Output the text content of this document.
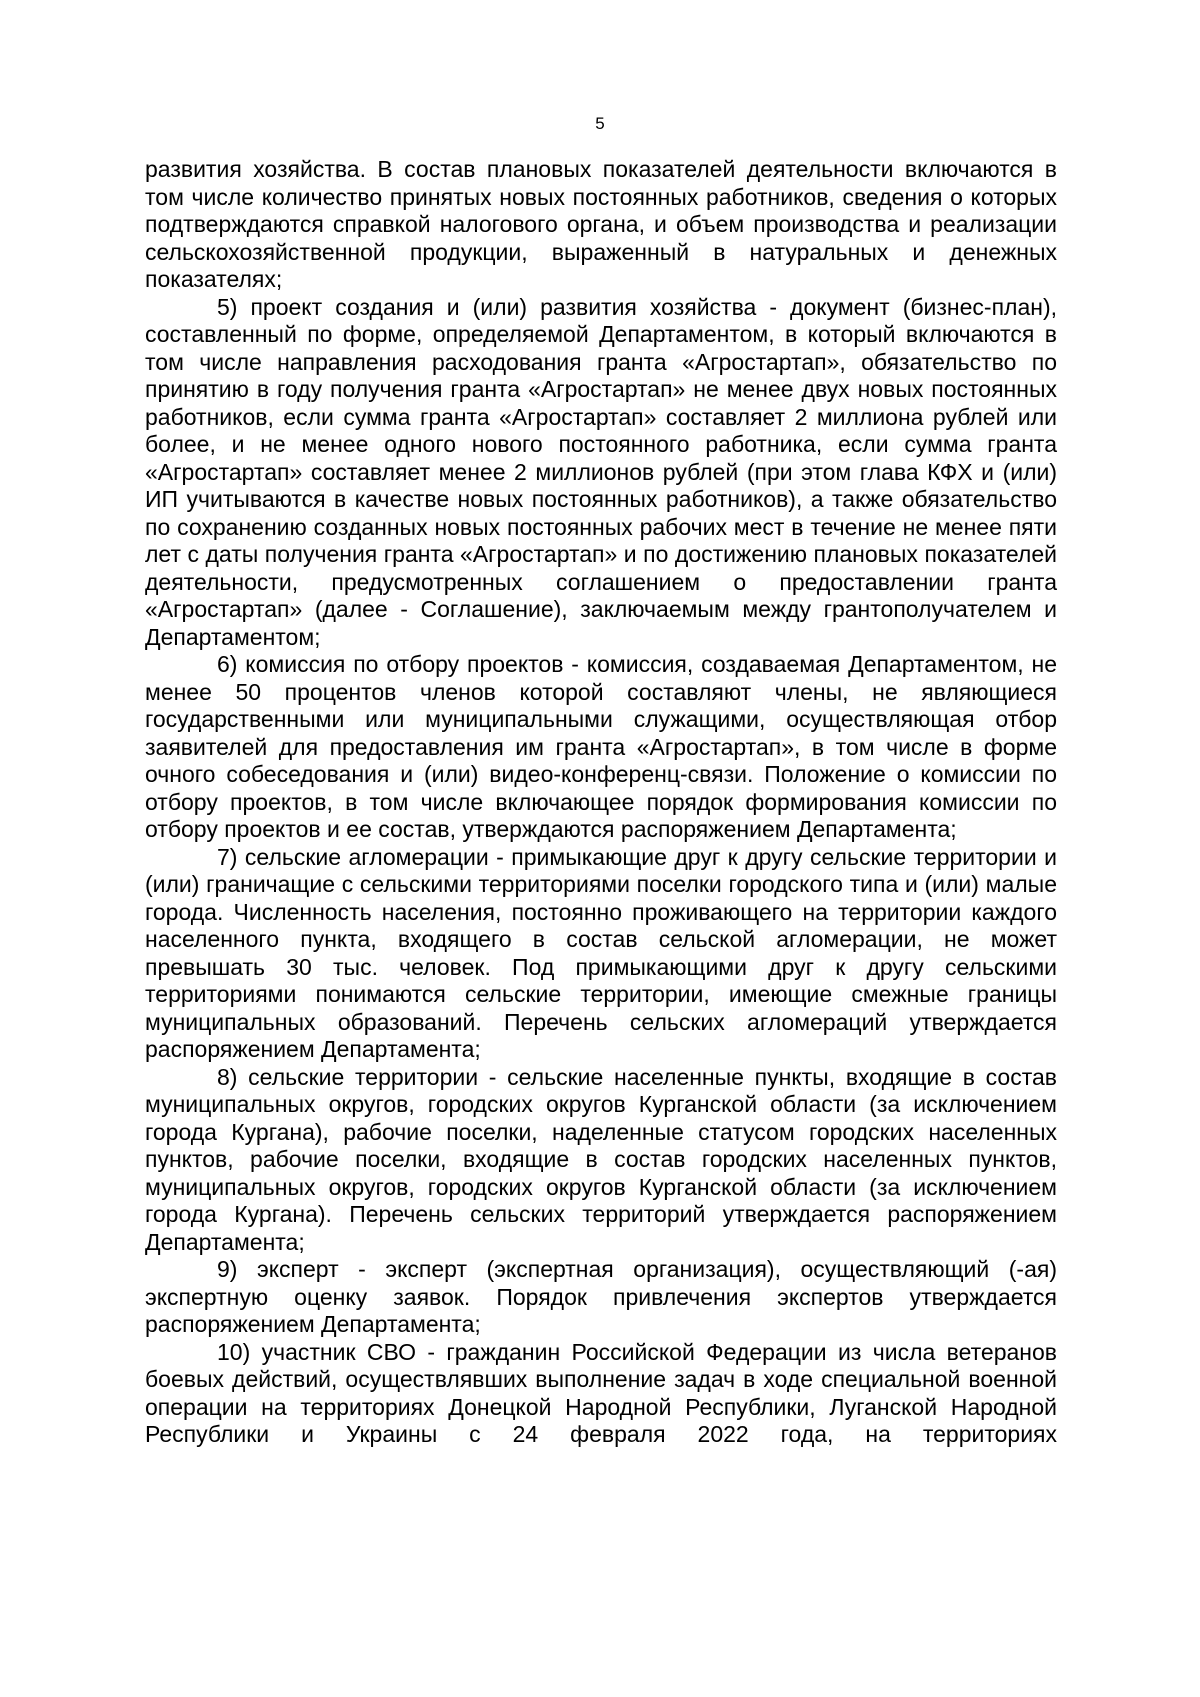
5

развития хозяйства. В состав плановых показателей деятельности включаются в том числе количество принятых новых постоянных работников, сведения о которых подтверждаются справкой налогового органа, и объем производства и реализации сельскохозяйственной продукции, выраженный в натуральных и денежных показателях;

5) проект создания и (или) развития хозяйства - документ (бизнес-план), составленный по форме, определяемой Департаментом, в который включаются в том числе направления расходования гранта «Агростартап», обязательство по принятию в году получения гранта «Агростартап» не менее двух новых постоянных работников, если сумма гранта «Агростартап» составляет 2 миллиона рублей или более, и не менее одного нового постоянного работника, если сумма гранта «Агростартап» составляет менее 2 миллионов рублей (при этом глава КФХ и (или) ИП учитываются в качестве новых постоянных работников), а также обязательство по сохранению созданных новых постоянных рабочих мест в течение не менее пяти лет с даты получения гранта «Агростартап» и по достижению плановых показателей деятельности, предусмотренных соглашением о предоставлении гранта «Агростартап» (далее - Соглашение), заключаемым между грантополучателем и Департаментом;

6) комиссия по отбору проектов - комиссия, создаваемая Департаментом, не менее 50 процентов членов которой составляют члены, не являющиеся государственными или муниципальными служащими, осуществляющая отбор заявителей для предоставления им гранта «Агростартап», в том числе в форме очного собеседования и (или) видео-конференц-связи. Положение о комиссии по отбору проектов, в том числе включающее порядок формирования комиссии по отбору проектов и ее состав, утверждаются распоряжением Департамента;

7) сельские агломерации - примыкающие друг к другу сельские территории и (или) граничащие с сельскими территориями поселки городского типа и (или) малые города. Численность населения, постоянно проживающего на территории каждого населенного пункта, входящего в состав сельской агломерации, не может превышать 30 тыс. человек. Под примыкающими друг к другу сельскими территориями понимаются сельские территории, имеющие смежные границы муниципальных образований. Перечень сельских агломераций утверждается распоряжением Департамента;

8) сельские территории - сельские населенные пункты, входящие в состав муниципальных округов, городских округов Курганской области (за исключением города Кургана), рабочие поселки, наделенные статусом городских населенных пунктов, рабочие поселки, входящие в состав городских населенных пунктов, муниципальных округов, городских округов Курганской области (за исключением города Кургана). Перечень сельских территорий утверждается распоряжением Департамента;

9) эксперт - эксперт (экспертная организация), осуществляющий (-ая) экспертную оценку заявок. Порядок привлечения экспертов утверждается распоряжением Департамента;

10) участник СВО - гражданин Российской Федерации из числа ветеранов боевых действий, осуществлявших выполнение задач в ходе специальной военной операции на территориях Донецкой Народной Республики, Луганской Народной Республики и Украины с 24 февраля 2022 года, на территориях
